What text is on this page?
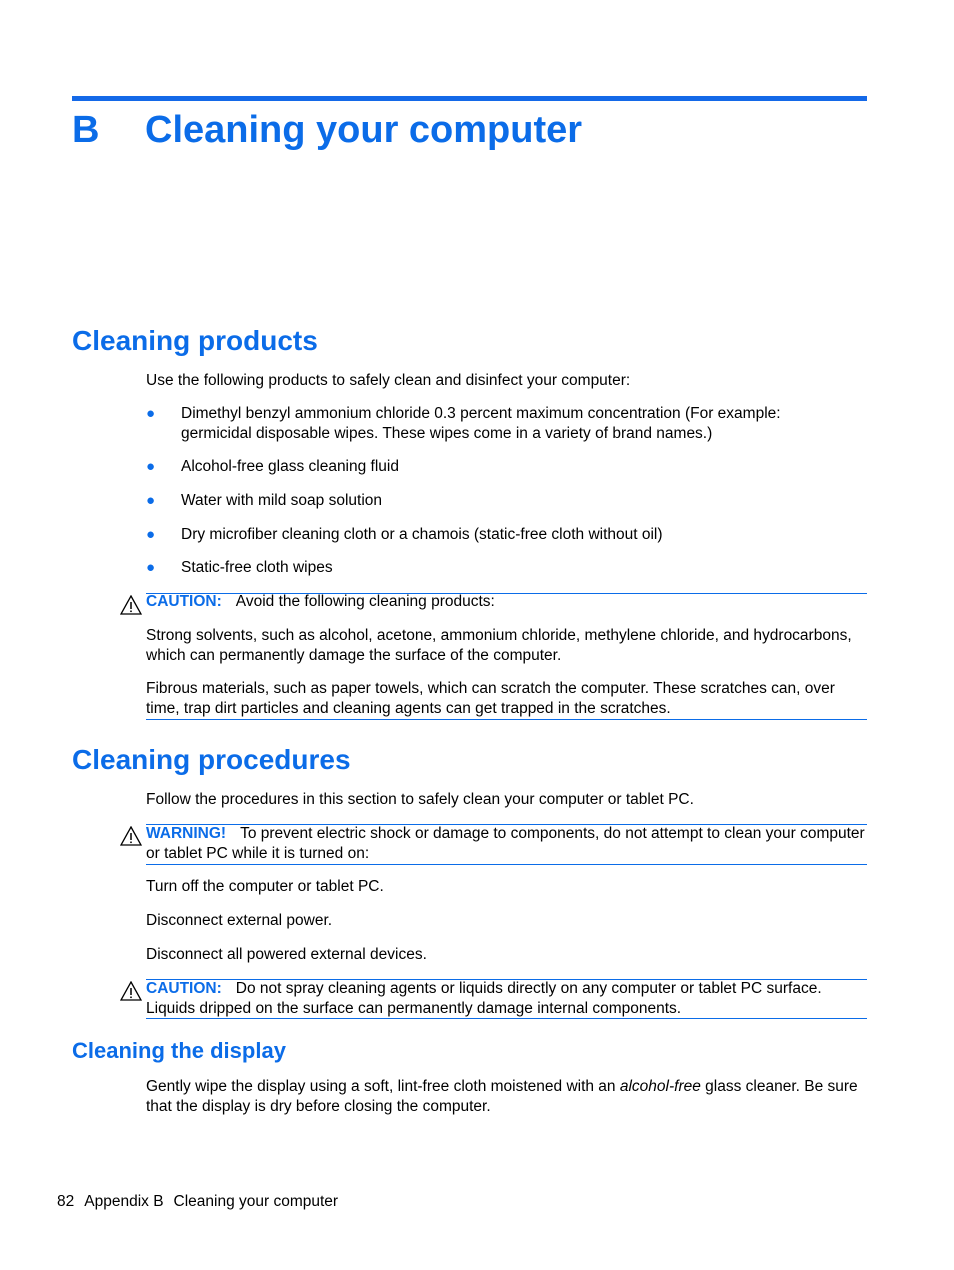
B Cleaning your computer
Cleaning products
Use the following products to safely clean and disinfect your computer:
● Dimethyl benzyl ammonium chloride 0.3 percent maximum concentration (For example: germicidal disposable wipes. These wipes come in a variety of brand names.)
● Alcohol-free glass cleaning fluid
● Water with mild soap solution
● Dry microfiber cleaning cloth or a chamois (static-free cloth without oil)
● Static-free cloth wipes
CAUTION: Avoid the following cleaning products:
Strong solvents, such as alcohol, acetone, ammonium chloride, methylene chloride, and hydrocarbons, which can permanently damage the surface of the computer.
Fibrous materials, such as paper towels, which can scratch the computer. These scratches can, over time, trap dirt particles and cleaning agents can get trapped in the scratches.
Cleaning procedures
Follow the procedures in this section to safely clean your computer or tablet PC.
WARNING! To prevent electric shock or damage to components, do not attempt to clean your computer or tablet PC while it is turned on:
Turn off the computer or tablet PC.
Disconnect external power.
Disconnect all powered external devices.
CAUTION: Do not spray cleaning agents or liquids directly on any computer or tablet PC surface. Liquids dripped on the surface can permanently damage internal components.
Cleaning the display
Gently wipe the display using a soft, lint-free cloth moistened with an alcohol-free glass cleaner. Be sure that the display is dry before closing the computer.
82 Appendix B Cleaning your computer
